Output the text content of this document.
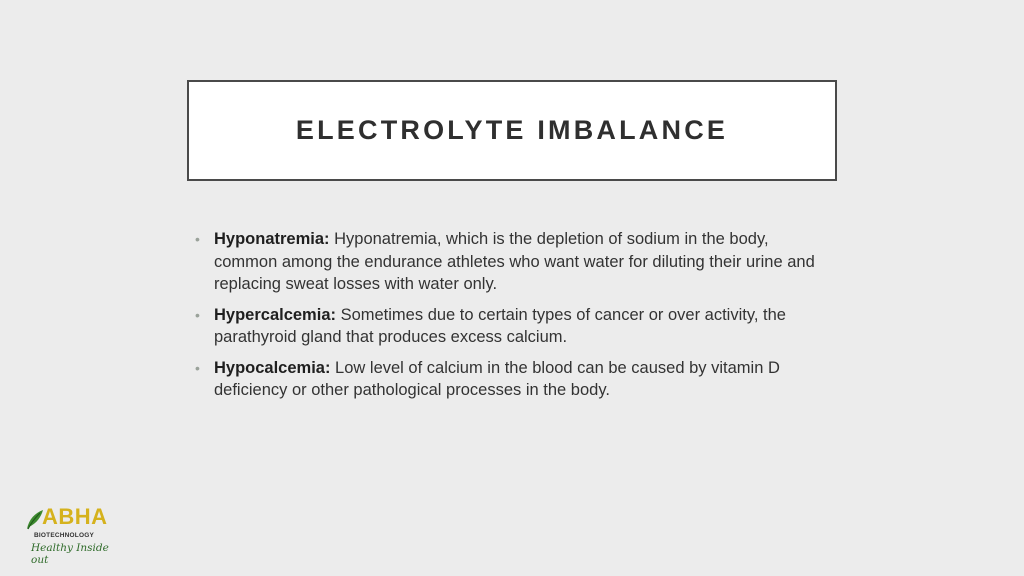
ELECTROLYTE IMBALANCE
• Hyponatremia: Hyponatremia, which is the depletion of sodium in the body, common among the endurance athletes who want water for diluting their urine and replacing sweat losses with water only.
• Hypercalcemia: Sometimes due to certain types of cancer or over activity, the parathyroid gland that produces excess calcium.
• Hypocalcemia: Low level of calcium in the blood can be caused by vitamin D deficiency or other pathological processes in the body.
ABHA
BIOTECHNOLOGY
Healthy Inside out
